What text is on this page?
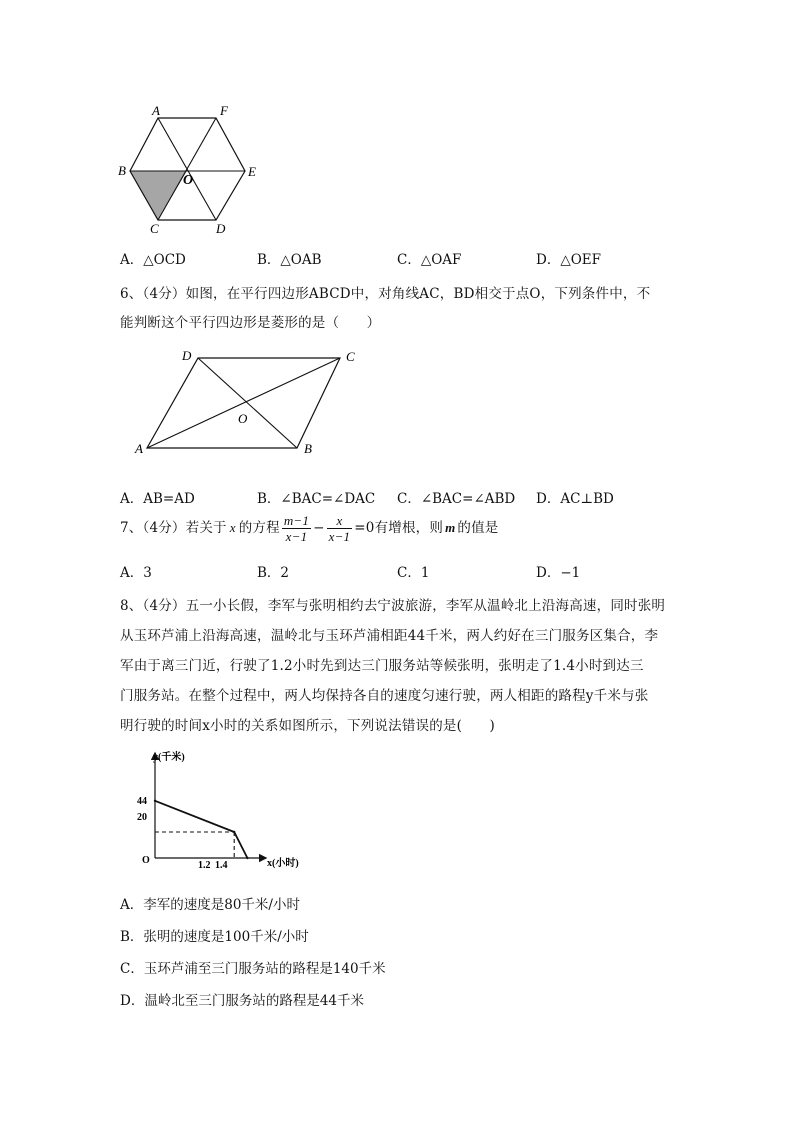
A	F
B
O
E
C	D
A．△OCD	B．△OAB	C．△OAF	D．△OEF
6、（4分）如图，在平行四边形ABCD中，对角线AC，BD相交于点O，下列条件中，不
能判断这个平行四边形是菱形的是（　　）
D	C
O
A	B
A．AB=AD	B．∠BAC=∠DAC C．∠BAC=∠ABD D．AC⊥BD
7、（4分）若关于 x 的方程 $\frac{m-1}{x-1} - \frac{x}{x-1} =0$有增根，则 m 的值是
A．3	B．2	C．1	D．−1
8、（4分）五一小长假，李军与张明相约去宁波旅游，李军从温岭北上沿海高速，同时张明
从玉环芦浦上沿海高速，温岭北与玉环芦浦相距44千米，两人约好在三门服务区集合，李
军由于离三门近，行驶了1.2小时先到达三门服务站等候张明，张明走了1.4小时到达三
门服务站。在整个过程中，两人均保持各自的速度匀速行驶，两人相距的路程y千米与张
明行驶的时间x小时的关系如图所示，下列说法错误的是(　　)
y(千米)
x(小时)
O
44
20
1.2 1.4
A．李军的速度是80千米/小时
B．张明的速度是100千米/小时
C．玉环芦浦至三门服务站的路程是140千米
D．温岭北至三门服务站的路程是44千米
